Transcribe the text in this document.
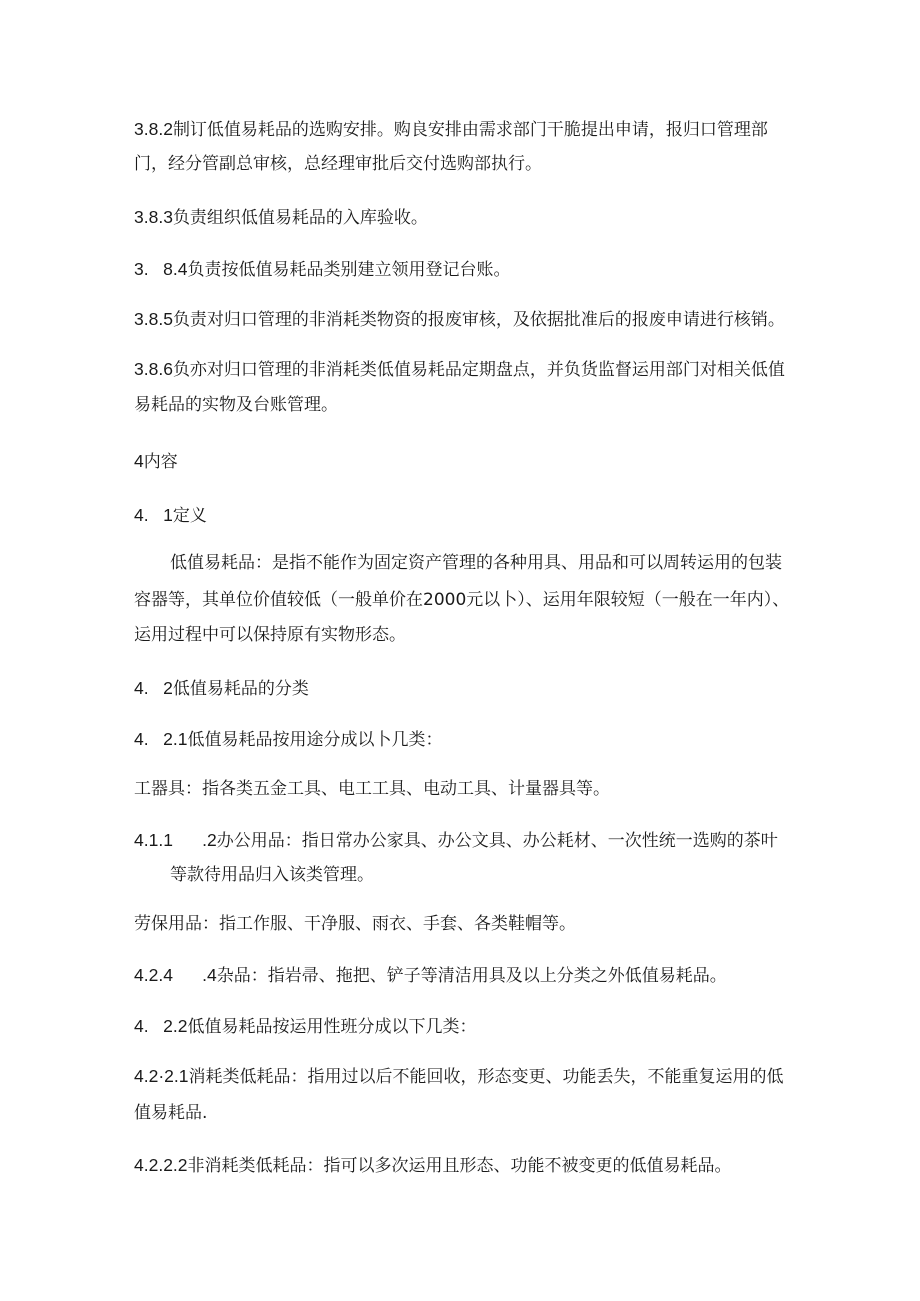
3.8.2制订低值易耗品的选购安排。购良安排由需求部门干脆提出申请，报归口管理部
门，经分管副总审核，总经理审批后交付选购部执行。
3.8.3负责组织低值易耗品的入库验收。
3.   8.4负责按低值易耗品类别建立领用登记台账。
3.8.5负责对归口管理的非消耗类物资的报废审核，及依据批准后的报废申请进行核销。
3.8.6负亦对归口管理的非消耗类低值易耗品定期盘点，并负货监督运用部门对相关低值
易耗品的实物及台账管理。
4内容
4.   1定义
低值易耗品：是指不能作为固定资产管理的各种用具、用品和可以周转运用的包装
容器等，其单位价值较低（一般单价在2000元以卜）、运用年限较短（一般在一年内）、
运用过程中可以保持原有实物形态。
4.   2低值易耗品的分类
4.   2.1低值易耗品按用途分成以卜几类：
工器具：指各类五金工具、电工工具、电动工具、计量器具等。
4.1.1      .2办公用品：指日常办公家具、办公文具、办公耗材、一次性统一选购的茶叶
等款待用品归入该类管理。
劳保用品：指工作服、干净服、雨衣、手套、各类鞋帽等。
4.2.4      .4杂品：指岩帚、拖把、铲子等清洁用具及以上分类之外低值易耗品。
4.   2.2低值易耗品按运用性班分成以下几类：
4.2·2.1消耗类低耗品：指用过以后不能回收，形态变更、功能丢失，不能重复运用的低
值易耗品.
4.2.2.2非消耗类低耗品：指可以多次运用且形态、功能不被变更的低值易耗品。
